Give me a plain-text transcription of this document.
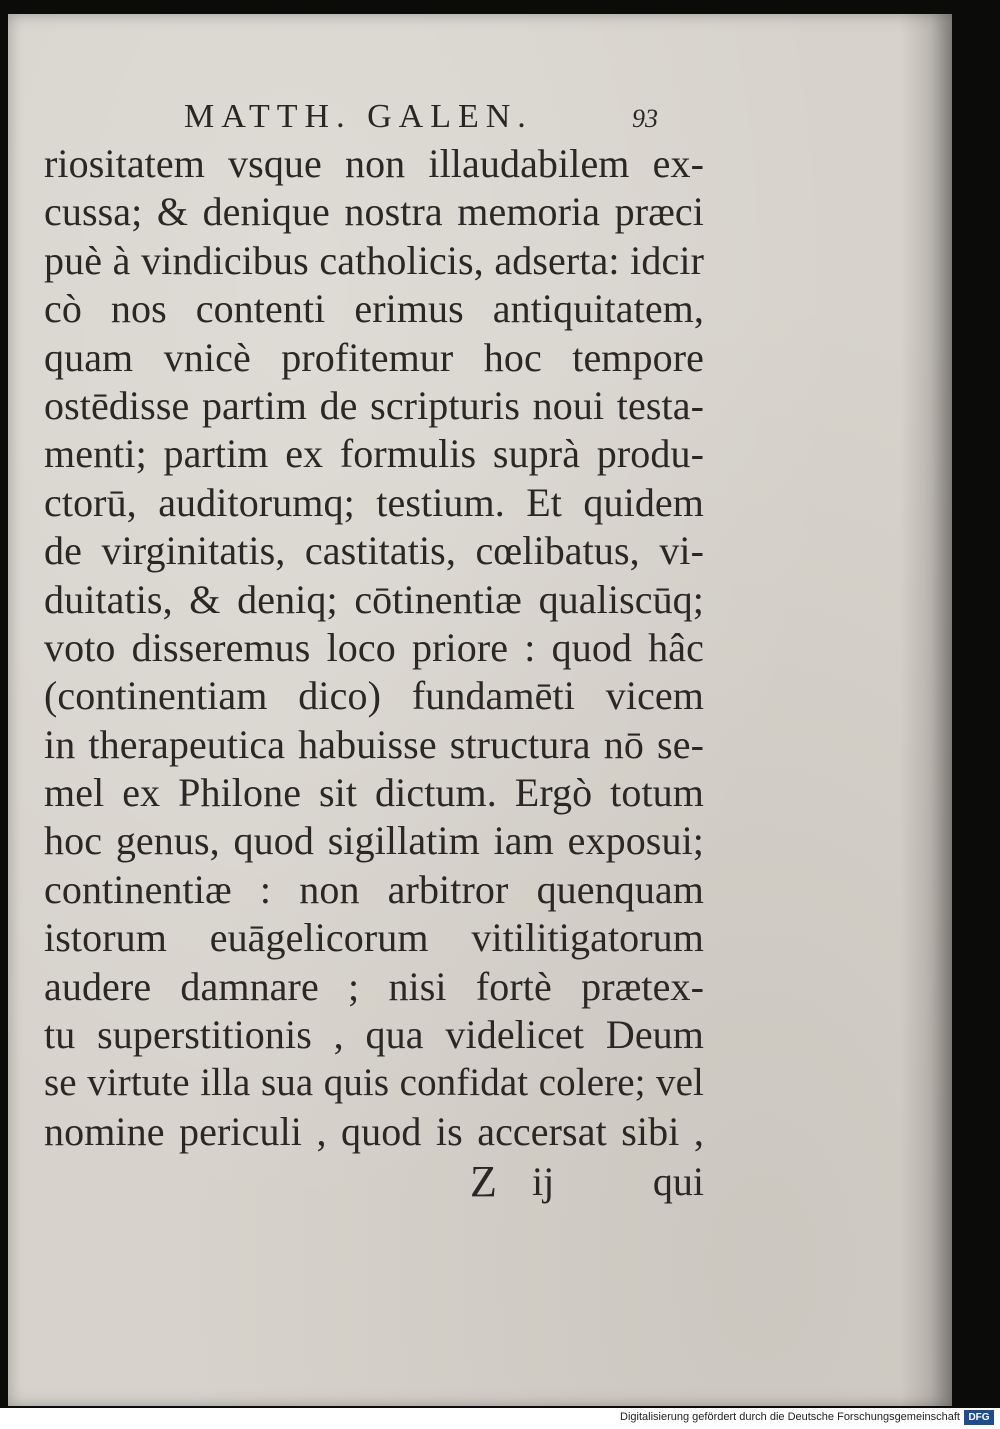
MATTH. GALEN.	93
riositatem vsque non illaudabilem ex-
cussa; & denique nostra memoria præci
puè à vindicibus catholicis, adserta: idcir
cò nos contenti erimus antiquitatem,
quam vnicè profitemur hoc tempore
ostēdisse partim de scripturis noui testa-
menti; partim ex formulis suprà produ-
ctorū, auditorumq; testium. Et quidem
de virginitatis, castitatis, cœlibatus, vi-
duitatis, & deniq; cōtinentiæ qualiscūq;
voto disseremus loco priore : quod hâc
(continentiam dico) fundamēti vicem
in therapeutica habuisse structura nō se-
mel ex Philone sit dictum. Ergò totum
hoc genus, quod sigillatim iam exposui;
continentiæ : non arbitror quenquam
istorum euāgelicorum vitilitigatorum
audere damnare ; nisi fortè prætex-
tu superstitionis , qua videlicet Deum
se virtute illa sua quis confidat colere; vel
nomine periculi , quod is accersat sibi ,
Z ij qui
Digitalisierung gefördert durch die Deutsche Forschungsgemeinschaft DFG
